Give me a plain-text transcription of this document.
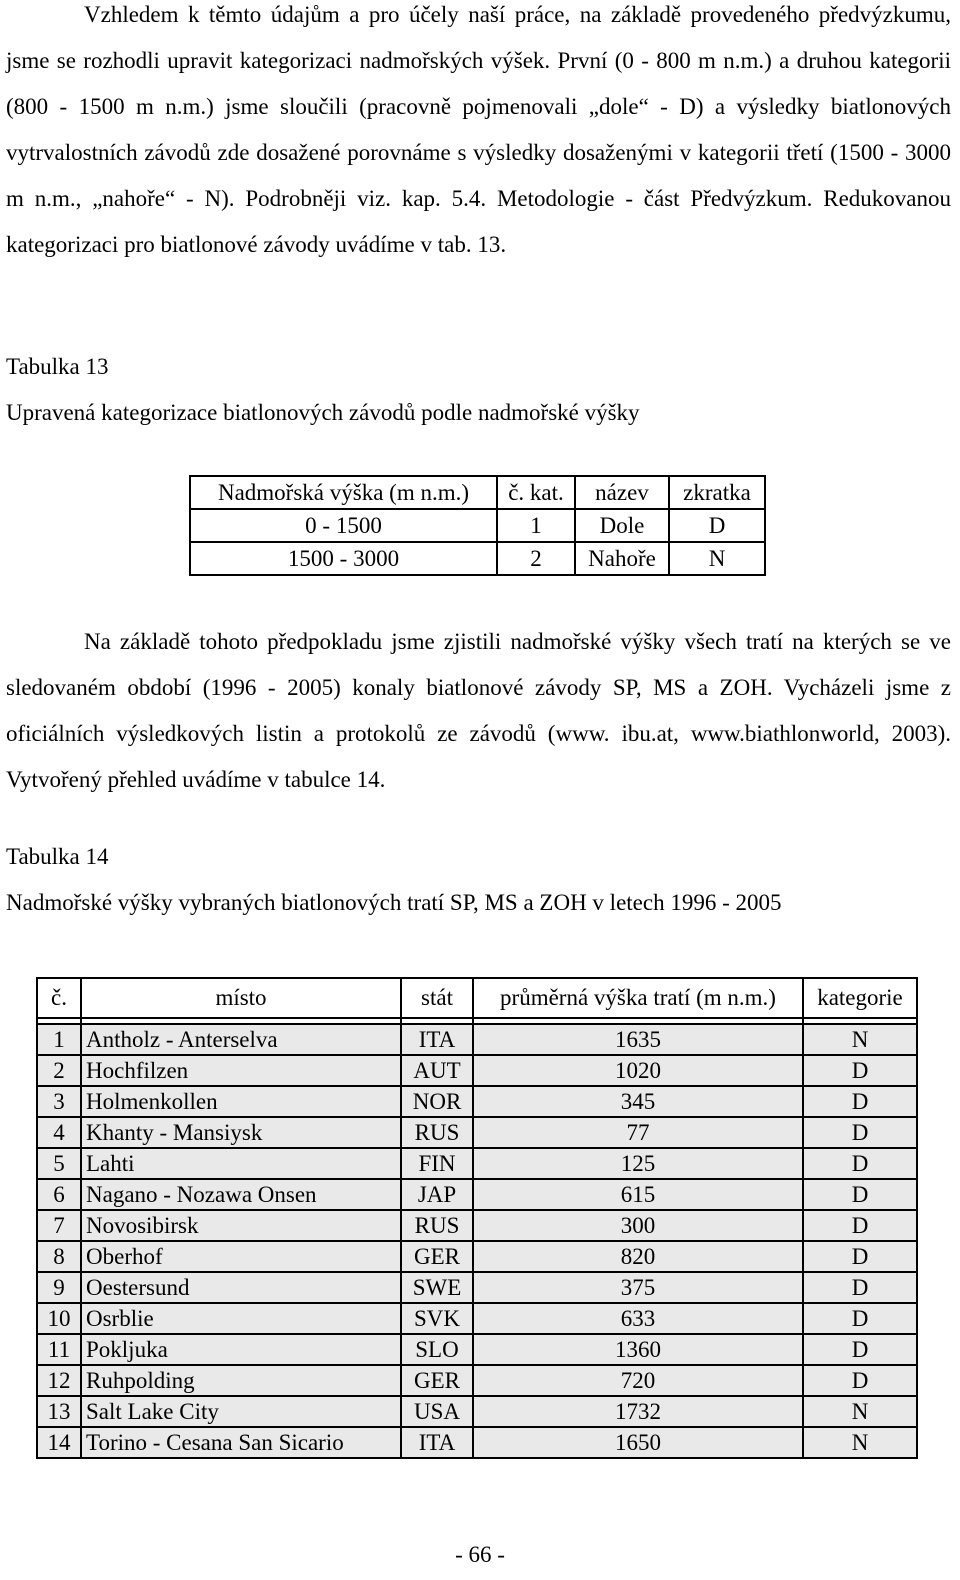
Vzhledem k těmto údajům a pro účely naší práce, na základě provedeného předvýzkumu, jsme se rozhodli upravit kategorizaci nadmořských výšek. První (0 - 800 m n.m.) a druhou kategorii (800 - 1500 m n.m.) jsme sloučili (pracovně pojmenovali „dole“ - D) a výsledky biatlonových vytrvalostních závodů zde dosažené porovnáme s výsledky dosaženými v kategorii třetí (1500 - 3000 m n.m., „nahoře“ - N). Podrobněji viz. kap. 5.4. Metodologie - část Předvýzkum. Redukovanou kategorizaci pro biatlonové závody uvádíme v tab. 13.

Tabulka 13

Upravená kategorizace biatlonových závodů podle nadmořské výšky

Nadmořská výška (m n.m.)	č. kat.	název	zkratka
0 - 1500	1	Dole	D
1500 - 3000	2	Nahoře	N

Na základě tohoto předpokladu jsme zjistili nadmořské výšky všech tratí na kterých se ve sledovaném období (1996 - 2005) konaly biatlonové závody SP, MS a ZOH. Vycházeli jsme z oficiálních výsledkových listin a protokolů ze závodů (www. ibu.at, www.biathlonworld, 2003). Vytvořený přehled uvádíme v tabulce 14.

Tabulka 14

Nadmořské výšky vybraných biatlonových tratí SP, MS a ZOH v letech 1996 - 2005

č.	místo	stát	průměrná výška tratí (m n.m.)	kategorie

1	Antholz - Anterselva	ITA	1635	N
2	Hochfilzen	AUT	1020	D
3	Holmenkollen	NOR	345	D
4	Khanty - Mansiysk	RUS	77	D
5	Lahti	FIN	125	D
6	Nagano - Nozawa Onsen	JAP	615	D
7	Novosibirsk	RUS	300	D
8	Oberhof	GER	820	D
9	Oestersund	SWE	375	D
10	Osrblie	SVK	633	D
11	Pokljuka	SLO	1360	D
12	Ruhpolding	GER	720	D
13	Salt Lake City	USA	1732	N
14	Torino - Cesana San Sicario	ITA	1650	N
- 66 -
